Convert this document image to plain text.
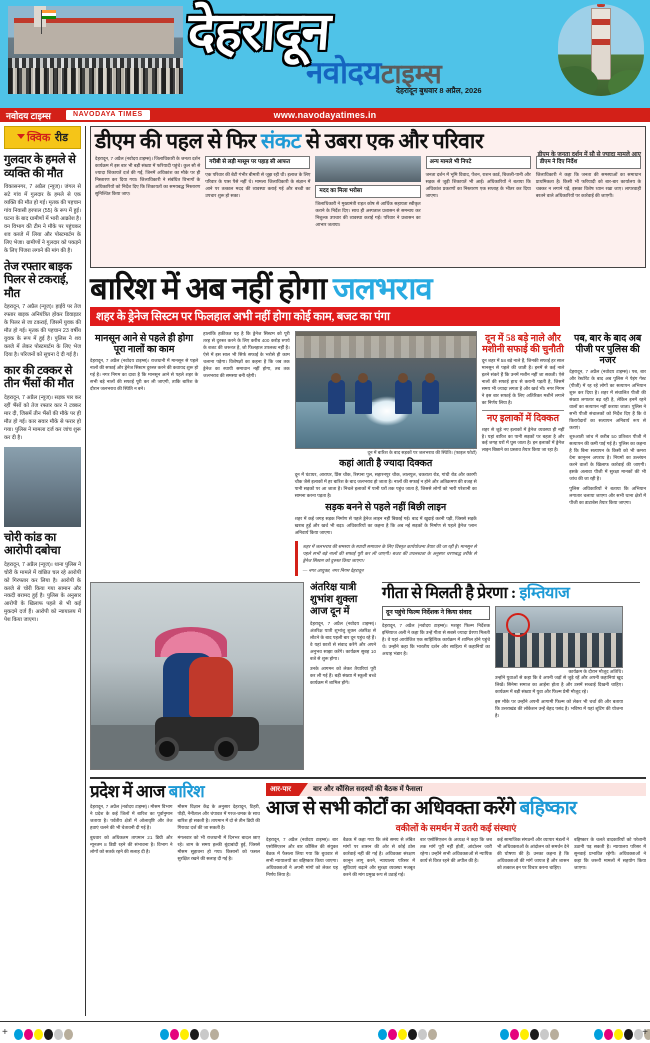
देहरादून
नवोदयटाइम्स
देहरादून बुधवार 8 अप्रैल, 2026
नवोदय टाइम्स	NAVODAYA TIMES	www.navodayatimes.in
क्विक रीड
गुलदार के हमले से व्यक्ति की मौत

विकासनगर, 7 अप्रैल (न्यूज)। जंगल से सटे गांव में गुलदार के हमले से एक व्यक्ति की मौत हो गई। मृतक की पहचान गांव निवासी हरपाल (55) के रूप में हुई। घटना के बाद ग्रामीणों में भारी आक्रोश है। वन विभाग की टीम ने मौके पर पहुंचकर शव कब्जे में लिया और पोस्टमार्टम के लिए भेजा। ग्रामीणों ने गुलदार को पकड़ने के लिए पिंजरा लगाने की मांग की है।

तेज रफ्तार बाइक पिलर से टकराई, मौत

देहरादून, 7 अप्रैल (न्यूज)। हाईवे पर तेज रफ्तार बाइक अनियंत्रित होकर डिवाइडर के पिलर से जा टकराई, जिसमें युवक की मौत हो गई। मृतक की पहचान 23 वर्षीय युवक के रूप में हुई है। पुलिस ने शव कब्जे में लेकर पोस्टमार्टम के लिए भेज दिया है। परिजनों को सूचना दे दी गई है।

कार की टक्कर से तीन भैंसों की मौत

देहरादून, 7 अप्रैल (न्यूज)। सड़क पार कर रहीं भैंसों को तेज रफ्तार कार ने टक्कर मार दी, जिसमें तीन भैंसों की मौके पर ही मौत हो गई। कार सवार मौके से फरार हो गया। पुलिस ने मामला दर्ज कर जांच शुरू कर दी है।

चोरी कांड का आरोपी दबोचा

देहरादून, 7 अप्रैल (न्यूज)। थाना पुलिस ने चोरी के मामले में वांछित चल रहे आरोपी को गिरफ्तार कर लिया है। आरोपी के कब्जे से चोरी किया गया सामान और नकदी बरामद हुई है। पुलिस के अनुसार आरोपी के खिलाफ पहले से भी कई मुकदमे दर्ज हैं। आरोपी को न्यायालय में पेश किया जाएगा।

डीएम की पहल से फिर संकट से उबरा एक और परिवार
डीएम के जनता दर्शन में सौ से ज्यादा मामले आए

देहरादून, 7 अप्रैल (नवोदय टाइम्स)। जिलाधिकारी के जनता दर्शन कार्यक्रम में इस बार भी बड़ी संख्या में फरियादी पहुंचे। कुल सौ से ज्यादा शिकायतें दर्ज की गईं, जिनमें अधिकांश का मौके पर ही निस्तारण कर दिया गया। जिलाधिकारी ने संबंधित विभागों के अधिकारियों को निर्देश दिए कि शिकायतों का समयबद्ध निस्तारण सुनिश्चित किया जाए।

गरीबी से लड़ी मासूम पर पहाड़ सी आफत

एक परिवार की बेटी गंभीर बीमारी से जूझ रही थी। इलाज के लिए परिवार के पास पैसे नहीं थे। मामला जिलाधिकारी के संज्ञान में आने पर तत्काल मदद की व्यवस्था कराई गई और बच्ची का उपचार शुरू हो सका।

मदद का मिला भरोसा

जिलाधिकारी ने मुख्यमंत्री राहत कोष से आर्थिक सहायता स्वीकृत कराने के निर्देश दिए। साथ ही अस्पताल प्रशासन से समन्वय कर निशुल्क उपचार की व्यवस्था कराई गई। परिवार ने प्रशासन का आभार जताया।

अन्य मामले भी निपटे

जनता दर्शन में भूमि विवाद, पेंशन, राशन कार्ड, बिजली-पानी और सड़क से जुड़ी शिकायतें भी आईं। अधिकारियों ने बताया कि अधिकांश प्रकरणों का निस्तारण एक सप्ताह के भीतर कर दिया जाएगा।

डीएम ने दिए निर्देश

जिलाधिकारी ने कहा कि जनता की समस्याओं का समाधान प्राथमिकता है। किसी भी फरियादी को बार-बार कार्यालय के चक्कर न लगाने पड़ें, इसका विशेष ध्यान रखा जाए। लापरवाही बरतने वाले अधिकारियों पर कार्रवाई की जाएगी।

बारिश में अब नहीं होगा जलभराव
शहर के ड्रेनेज सिस्टम पर फिलहाल अभी नहीं होगा कोई काम, बजट का पंगा
मानसून आने से पहले ही होगा पूरा नालों का काम

देहरादून, 7 अप्रैल (नवोदय टाइम्स)। राजधानी में मानसून से पहले नालों की सफाई और ड्रेनेज सिस्टम दुरुस्त करने की कवायद शुरू हो गई है। नगर निगम का दावा है कि मानसून आने से पहले शहर के सभी बड़े नालों की सफाई पूरी कर ली जाएगी, ताकि बारिश के दौरान जलभराव की स्थिति न बने।

हालांकि हकीकत यह है कि ड्रेनेज सिस्टम को पूरी तरह से दुरुस्त करने के लिए करीब 400 करोड़ रुपये के बजट की जरूरत है, जो फिलहाल उपलब्ध नहीं है। ऐसे में इस साल भी सिर्फ सफाई के भरोसे ही काम चलाना पड़ेगा। विशेषज्ञों का कहना है कि जब तक ड्रेनेज का स्थायी समाधान नहीं होगा, तब तक जलभराव की समस्या बनी रहेगी।

दून में बारिश के बाद सड़कों पर जलभराव की स्थिति। (फाइल फोटो)
कहां आती है ज्यादा दिक्कत

दून में घंटाघर, आराघर, प्रिंस चौक, रिस्पना पुल, सहारनपुर चौक, लालपुल, चकराता रोड, गांधी रोड और कारगी चौक जैसे इलाकों में हर बारिश के बाद जलभराव हो जाता है। नालों की सफाई न होने और अतिक्रमण की वजह से पानी सड़कों पर आ जाता है। निचले इलाकों में पानी घरों तक पहुंच जाता है, जिससे लोगों को भारी परेशानी का सामना करना पड़ता है।

सड़क बनने से पहले नहीं बिछी लाइन

शहर में कई जगह सड़क निर्माण से पहले ड्रेनेज लाइन नहीं बिछाई गई। बाद में खुदाई करनी पड़ी, जिससे सड़कें खराब हुईं और खर्च भी बढ़ा। अधिकारियों का कहना है कि अब नई सड़कों के निर्माण से पहले ड्रेनेज प्लान अनिवार्य किया जाएगा।

शहर में जलभराव की समस्या के स्थायी समाधान के लिए विस्तृत कार्ययोजना तैयार की जा रही है। मानसून से पहले सभी बड़े नालों की सफाई पूरी कर ली जाएगी। बजट की उपलब्धता के अनुसार चरणबद्ध तरीके से ड्रेनेज सिस्टम को दुरुस्त किया जाएगा।

— नगर आयुक्त, नगर निगम देहरादून

दून में 58 बड़े नाले और मशीनी सफाई की चुनौती

दून शहर में 58 बड़े नाले हैं, जिनकी सफाई हर साल मानसून से पहले की जाती है। इनमें से कई नाले इतने संकरे हैं कि उनमें मशीन नहीं जा सकती। ऐसे नालों की सफाई हाथ से करानी पड़ती है, जिसमें समय भी ज्यादा लगता है और खर्च भी। नगर निगम ने इस बार सफाई के लिए अतिरिक्त मशीनें लगाने का निर्णय लिया है।

नए इलाकों में दिक्कत

शहर से जुड़े नए इलाकों में ड्रेनेज व्यवस्था ही नहीं है। यहां बारिश का पानी सड़कों पर बहता है और कई जगह घरों में घुस जाता है। इन इलाकों में ड्रेनेज लाइन बिछाने का प्रस्ताव तैयार किया जा रहा है।

पब, बार के बाद अब पीजी पर पुलिस की नजर

देहरादून, 7 अप्रैल (नवोदय टाइम्स)। पब, बार और रेस्टोरेंट के बाद अब पुलिस ने पेइंग गेस्ट (पीजी) में रह रहे लोगों का सत्यापन अभियान शुरू कर दिया है। शहर में संचालित पीजी की संख्या लगातार बढ़ रही है, लेकिन इनमें रहने वालों का सत्यापन नहीं कराया जाता। पुलिस ने सभी पीजी संचालकों को निर्देश दिए हैं कि वे किरायेदारों का सत्यापन अनिवार्य रूप से कराएं।

शुरुआती जांच में करीब 50 प्रतिशत पीजी में सत्यापन की कमी पाई गई है। पुलिस का कहना है कि बिना सत्यापन के किसी को भी कमरा देना कानूनन अपराध है। नियमों का उल्लंघन करने वालों के खिलाफ कार्रवाई की जाएगी। इसके अलावा पीजी में सुरक्षा मानकों की भी जांच की जा रही है।

पुलिस अधिकारियों ने बताया कि अभियान लगातार चलाया जाएगा और सभी थाना क्षेत्रों में पीजी का डाटाबेस तैयार किया जाएगा।

अंतरिक्ष यात्री शुभांश शुक्ला आज दून में

देहरादून, 7 अप्रैल (नवोदय टाइम्स)। अंतरिक्ष यात्री शुभांशु शुक्ल अंतरिक्ष से लौटने के बाद पहली बार दून पहुंच रहे हैं। वे यहां छात्रों से संवाद करेंगे और अपने अनुभव साझा करेंगे। कार्यक्रम सुबह 10 बजे से शुरू होगा।

उनके आगमन को लेकर तैयारियां पूरी कर ली गई हैं। बड़ी संख्या में स्कूली बच्चे कार्यक्रम में शामिल होंगे।

गीता से मिलती है प्रेरणा : इम्तियाज
दून पहुंचे फिल्म निर्देशक ने किया संवाद

देहरादून, 7 अप्रैल (नवोदय टाइम्स)। मशहूर फिल्म निर्देशक इम्तियाज अली ने कहा कि उन्हें गीता से सबसे ज्यादा प्रेरणा मिलती है। वे यहां आयोजित एक साहित्यिक कार्यक्रम में शामिल होने पहुंचे थे। उन्होंने कहा कि भारतीय दर्शन और साहित्य में कहानियों का अथाह भंडार है।

कार्यक्रम के दौरान मौजूद अतिथि।

उन्होंने युवाओं से कहा कि वे अपनी जड़ों से जुड़े रहें और अपनी कहानियां खुद लिखें। सिनेमा समाज का आईना होता है और उसमें सच्चाई दिखनी चाहिए। कार्यक्रम में बड़ी संख्या में युवा और फिल्म प्रेमी मौजूद रहे।

इस मौके पर उन्होंने अपनी आगामी फिल्म को लेकर भी चर्चा की और बताया कि उत्तराखंड की लोकेशन उन्हें बेहद पसंद है। भविष्य में यहां शूटिंग की योजना है।

प्रदेश में आज बारिश

देहरादून, 7 अप्रैल (नवोदय टाइम्स)। मौसम विभाग ने प्रदेश के कई जिलों में बारिश का पूर्वानुमान जताया है। पर्वतीय क्षेत्रों में ओलावृष्टि और तेज हवाएं चलने की भी चेतावनी दी गई है।

बुधवार को अधिकतम तापमान 21 डिग्री और न्यूनतम 8 डिग्री रहने की संभावना है। विभाग ने लोगों को सतर्क रहने की सलाह दी है।

मौसम विज्ञान केंद्र के अनुसार देहरादून, टिहरी, पौड़ी, नैनीताल और चंपावत में गरज-चमक के साथ बारिश हो सकती है। तापमान में दो से तीन डिग्री की गिरावट दर्ज की जा सकती है।

मंगलवार को भी राजधानी में दिनभर बादल छाए रहे। शाम के समय हल्की बूंदाबांदी हुई, जिससे मौसम सुहावना हो गया। किसानों को फसल सुरक्षित रखने की सलाह दी गई है।

आर-पार	बार और कौंसिल सदस्यों की बैठक में फैसला
आज से सभी कोर्टों का अधिवक्ता करेंगे बहिष्कार
वकीलों के समर्थन में उतरी कई संस्थाएं

देहरादून, 7 अप्रैल (नवोदय टाइम्स)। बार एसोसिएशन और बार कौंसिल की संयुक्त बैठक में फैसला लिया गया कि बुधवार से सभी न्यायालयों का बहिष्कार किया जाएगा। अधिवक्ताओं ने अपनी मांगों को लेकर यह निर्णय लिया है।

बैठक में कहा गया कि लंबे समय से लंबित मांगों पर शासन की ओर से कोई ठोस कार्रवाई नहीं की गई है। अधिवक्ता संरक्षण कानून लागू करने, न्यायालय परिसर में सुविधाएं बढ़ाने और सुरक्षा व्यवस्था मजबूत करने की मांग प्रमुख रूप से उठाई गई।

बार एसोसिएशन के अध्यक्ष ने कहा कि जब तक मांगें पूरी नहीं होतीं, आंदोलन जारी रहेगा। उन्होंने सभी अधिवक्ताओं से न्यायिक कार्य से विरत रहने की अपील की है।

कई सामाजिक संगठनों और व्यापार मंडलों ने भी अधिवक्ताओं के आंदोलन को समर्थन देने की घोषणा की है। उनका कहना है कि अधिवक्ताओं की मांगें जायज हैं और शासन को तत्काल इन पर विचार करना चाहिए।

बहिष्कार के चलते वादकारियों को परेशानी उठानी पड़ सकती है। न्यायालय परिसर में सुनवाई प्रभावित रहेगी। अधिवक्ताओं ने कहा कि जरूरी मामलों में सहयोग किया जाएगा।

+	+
